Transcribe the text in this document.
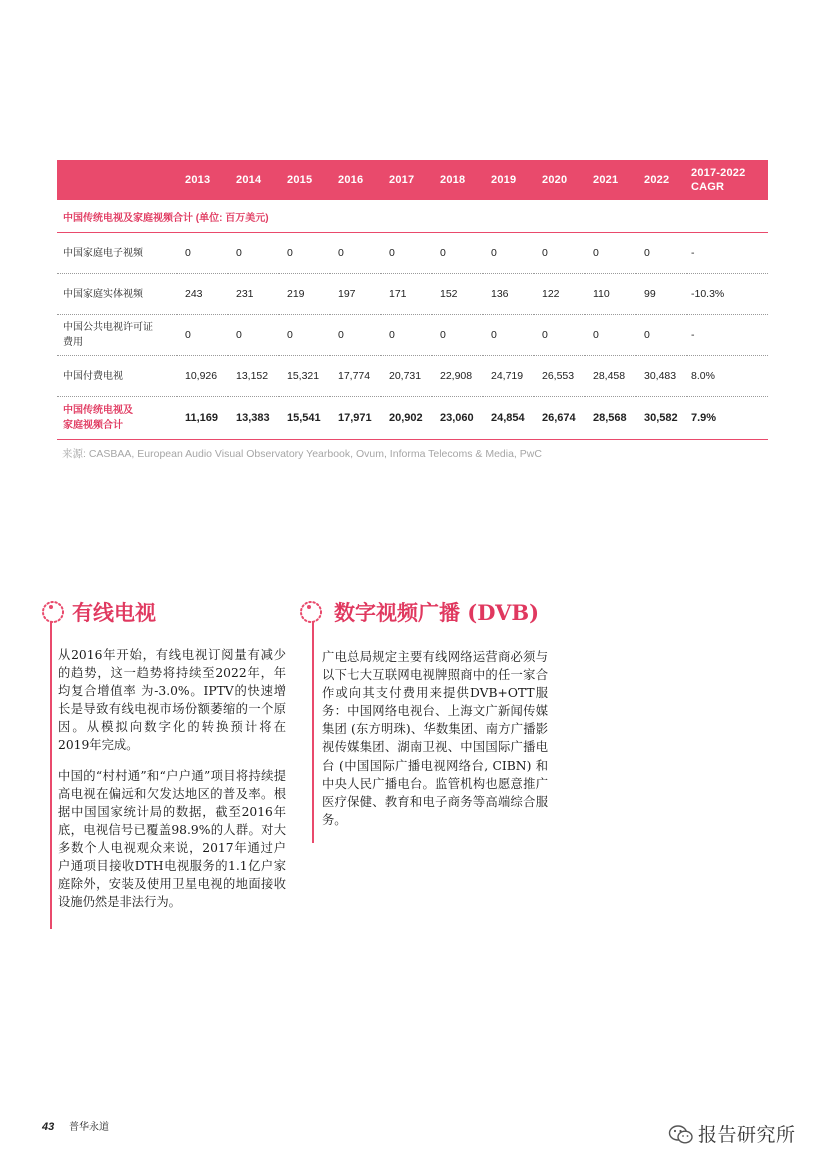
	2013	2014	2015	2016	2017	2018	2019	2020	2021	2022	2017-2022
CAGR

中国传统电视及家庭视频合计 (单位: 百万美元)											
中国家庭电子视频	0	0	0	0	0	0	0	0	0	0	-
中国家庭实体视频	243	231	219	197	171	152	136	122	110	99	-10.3%

中国公共电视许可证
费用	0	0	0	0	0	0	0	0	0	0	-
中国付费电视	10,926	13,152	15,321	17,774	20,731	22,908	24,719	26,553	28,458	30,483	8.0%

中国传统电视及
家庭视频合计	11,169	13,383	15,541	17,971	20,902	23,060	24,854	26,674	28,568	30,582	7.9%
来源: CASBAA, European Audio Visual Observatory Yearbook, Ovum, Informa Telecoms & Media, PwC
有线电视

从2016年开始，有线电视订阅量有减少的趋势，这一趋势将持续至2022年，年均复合增值率 为-3.0%。IPTV的快速增长是导致有线电视市场份额萎缩的一个原因。从模拟向数字化的转换预计将在2019年完成。

中国的“村村通”和“户户通”项目将持续提高电视在偏远和欠发达地区的普及率。根据中国国家统计局的数据，截至2016年底，电视信号已覆盖98.9%的人群。对大多数个人电视观众来说，2017年通过户户通项目接收DTH电视服务的1.1亿户家庭除外，安装及使用卫星电视的地面接收设施仍然是非法行为。

数字视频广播 (DVB)

广电总局规定主要有线网络运营商必须与以下七大互联网电视牌照商中的任一家合作或向其支付费用来提供DVB+OTT服务：中国网络电视台、上海文广新闻传媒集团 (东方明珠)、华数集团、南方广播影视传媒集团、湖南卫视、中国国际广播电台 (中国国际广播电视网络台, CIBN) 和中央人民广播电台。监管机构也愿意推广医疗保健、教育和电子商务等高端综合服务。

43 普华永道	报告研究所
